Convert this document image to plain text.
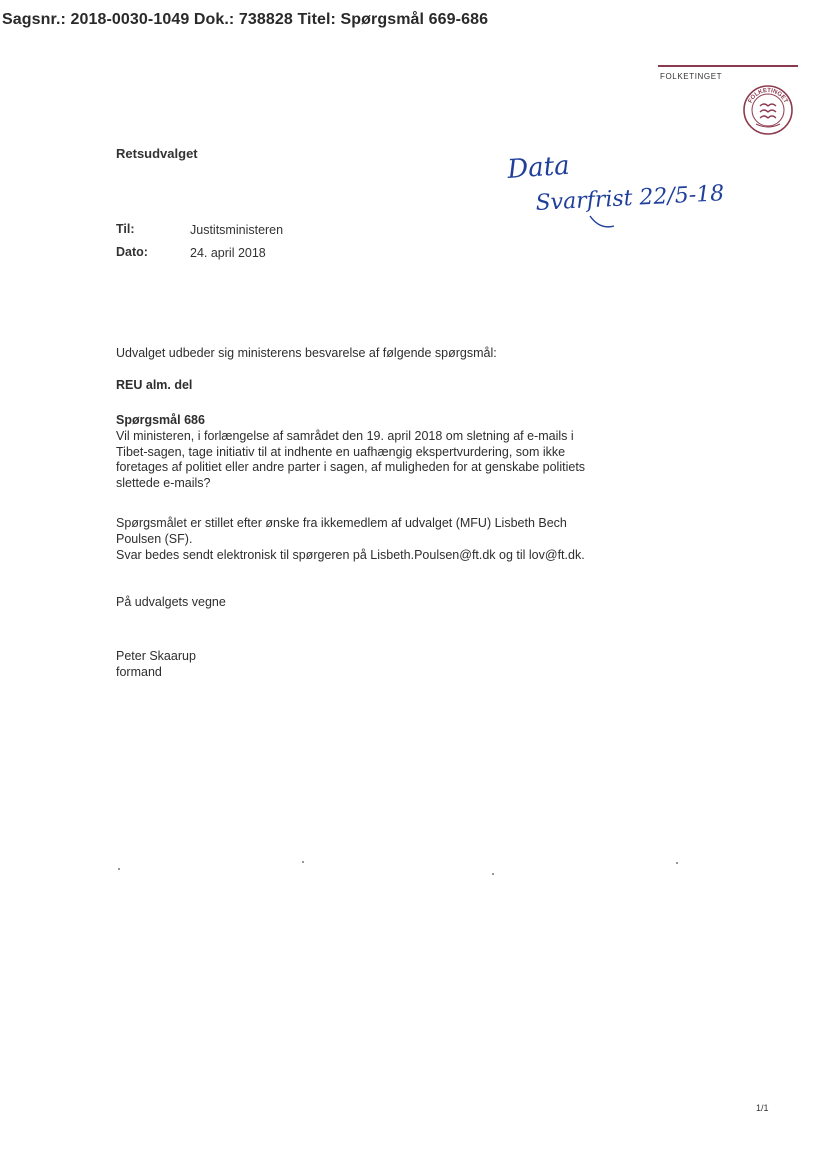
Sagsnr.: 2018-0030-1049 Dok.: 738828 Titel: Spørgsmål 669-686
FOLKETINGET
FOLKETINGET
Retsudvalget
Til:	Justitsministeren
Dato:	24. april 2018
Udvalget udbeder sig ministerens besvarelse af følgende spørgsmål:
REU alm. del
Spørgsmål 686
Vil ministeren, i forlængelse af samrådet den 19. april 2018 om sletning af e-mails i Tibet-sagen, tage initiativ til at indhente en uafhængig ekspertvurdering, som ikke foretages af politiet eller andre parter i sagen, af muligheden for at genskabe politiets slettede e-mails?
Spørgsmålet er stillet efter ønske fra ikkemedlem af udvalget (MFU) Lisbeth Bech Poulsen (SF).
Svar bedes sendt elektronisk til spørgeren på Lisbeth.Poulsen@ft.dk og til lov@ft.dk.
På udvalgets vegne
Peter Skaarup
formand
Data
Svarfrist 22/5-18
1/1
